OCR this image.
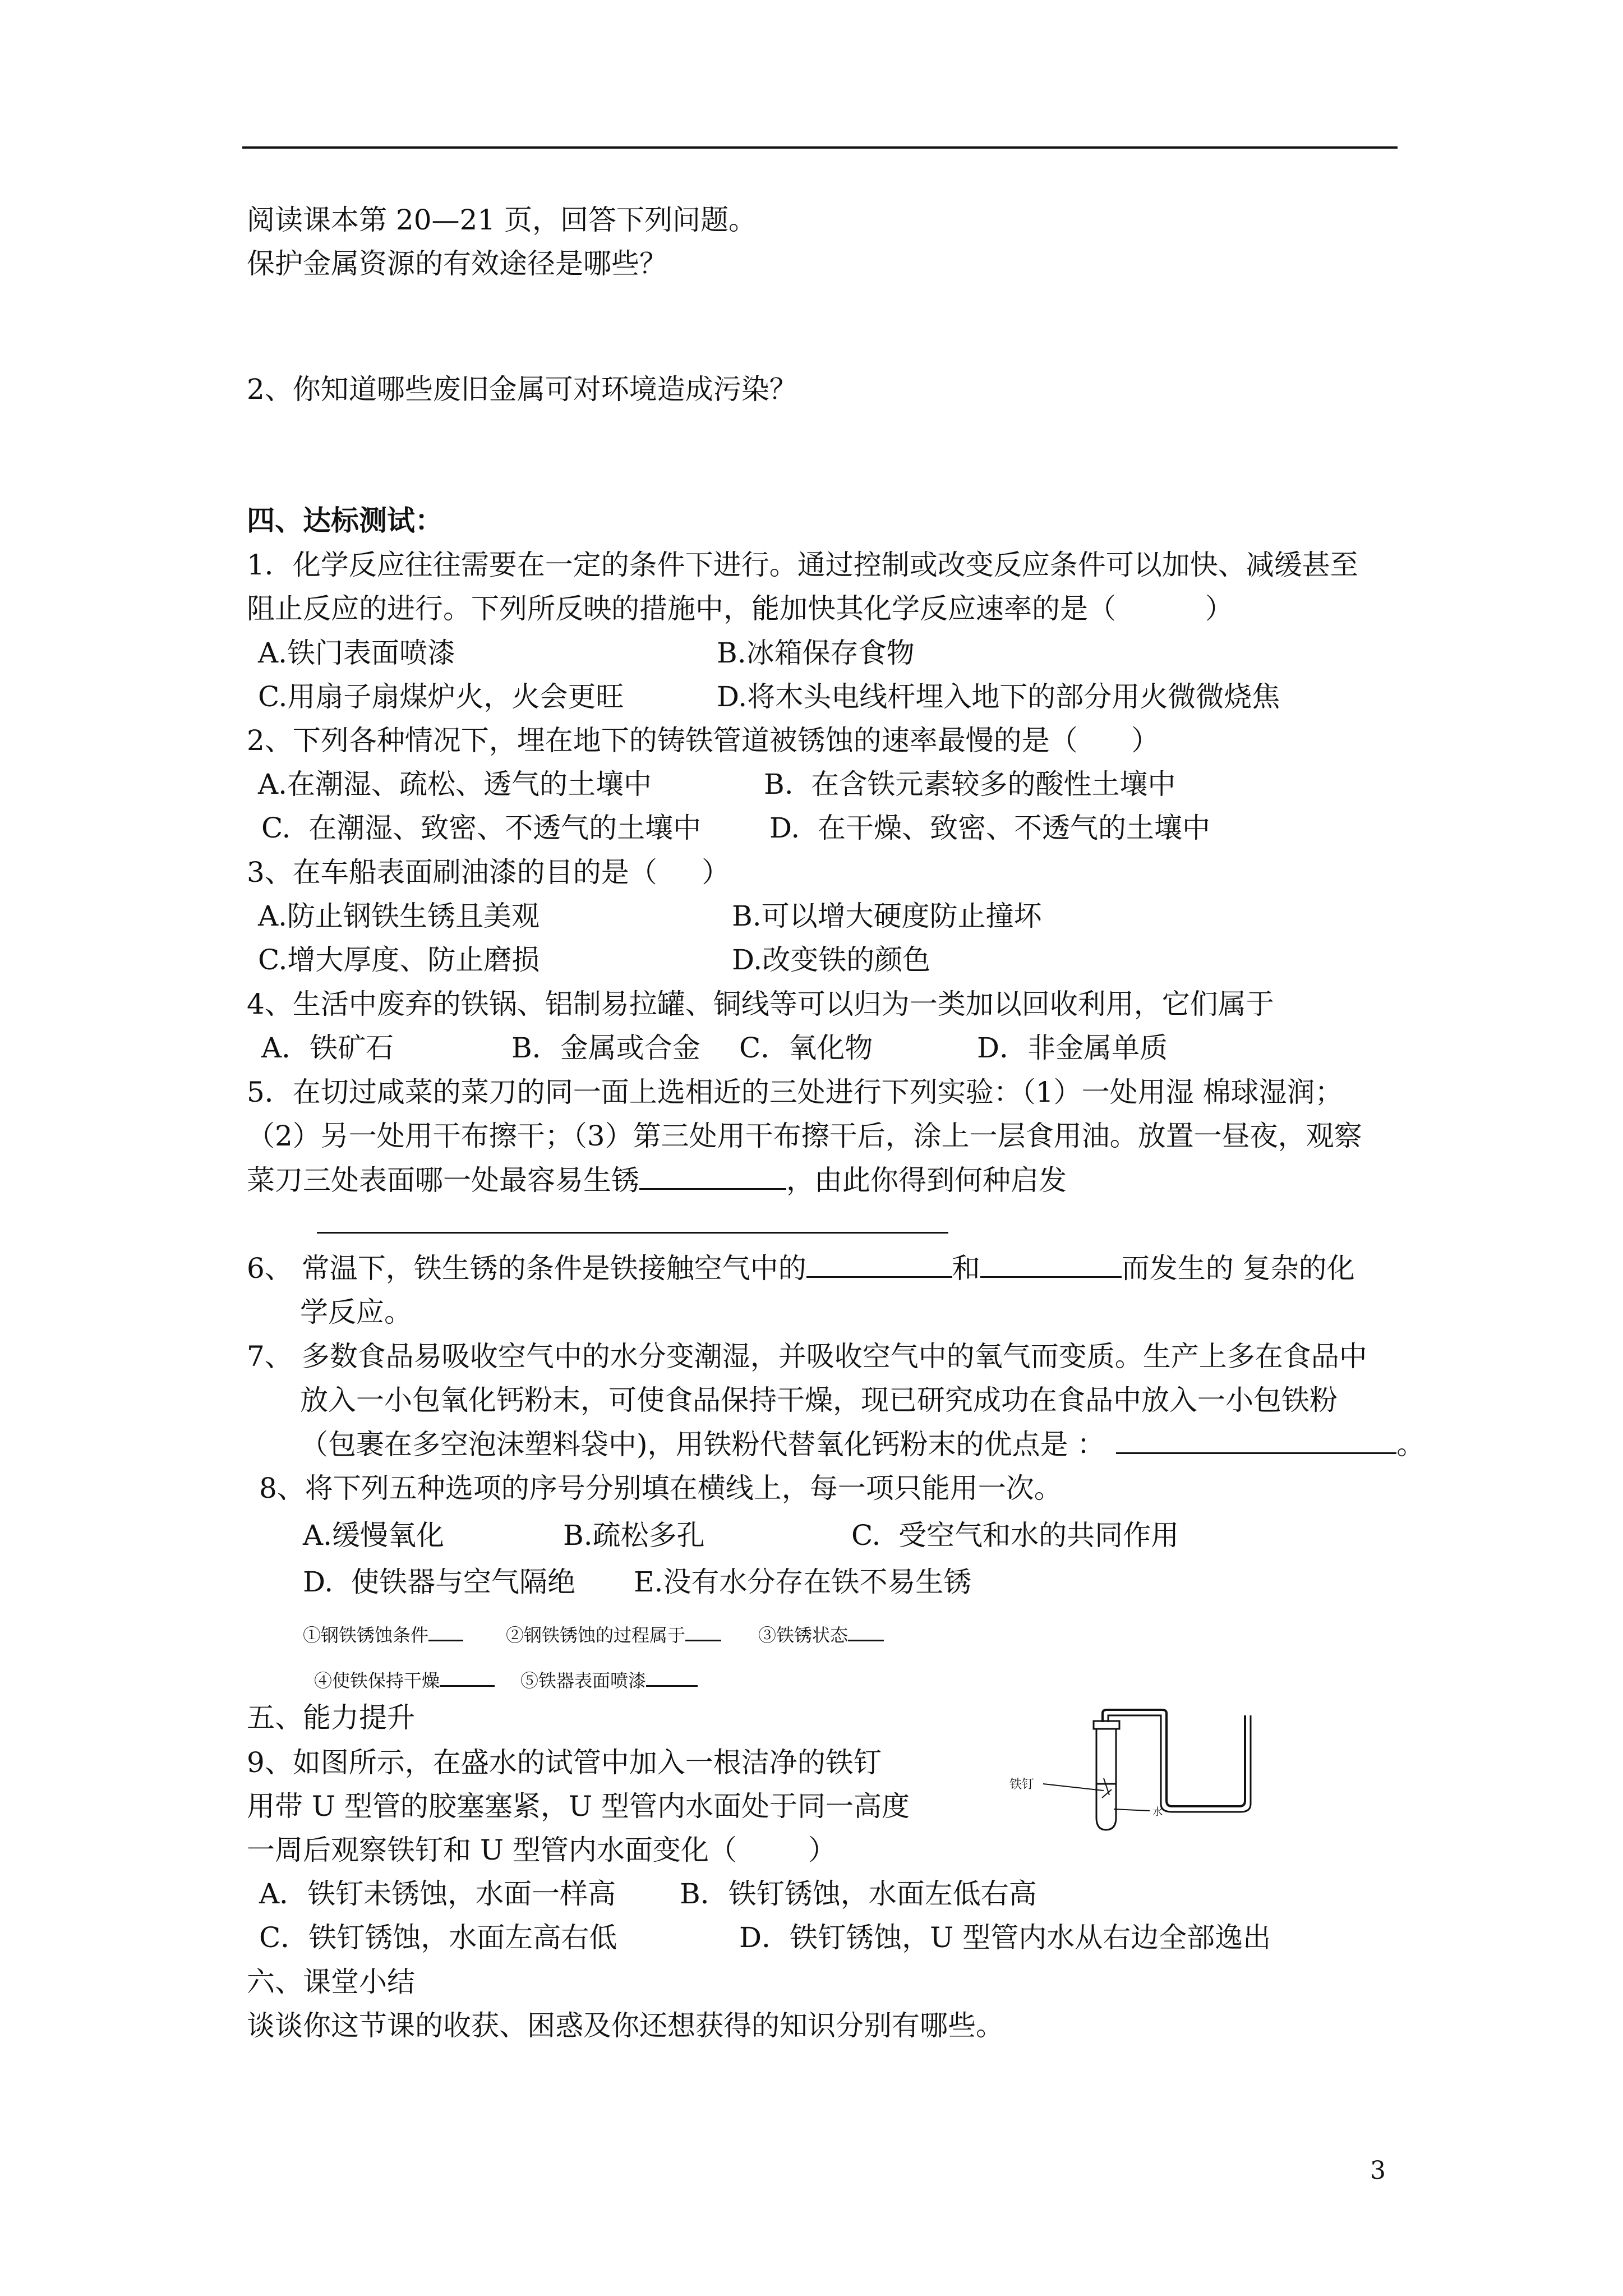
阅读课本第 20—21 页，回答下列问题。
保护金属资源的有效途径是哪些？
2、你知道哪些废旧金属可对环境造成污染？
四、达标测试：
1．化学反应往往需要在一定的条件下进行。通过控制或改变反应条件可以加快、减缓甚至
阻止反应的进行。下列所反映的措施中，能加快其化学反应速率的是（          ）
A.铁门表面喷漆	B.冰箱保存食物
C.用扇子扇煤炉火，火会更旺	D.将木头电线杆埋入地下的部分用火微微烧焦
2、下列各种情况下，埋在地下的铸铁管道被锈蚀的速率最慢的是（      ）
A.在潮湿、疏松、透气的土壤中	B.  在含铁元素较多的酸性土壤中
C.  在潮湿、致密、不透气的土壤中 D.  在干燥、致密、不透气的土壤中
3、在车船表面刷油漆的目的是（     ）
A.防止钢铁生锈且美观	B.可以增大硬度防止撞坏
C.增大厚度、防止磨损	D.改变铁的颜色
4、生活中废弃的铁锅、铝制易拉罐、铜线等可以归为一类加以回收利用，它们属于
A．铁矿石	B．金属或合金 C．氧化物	D．非金属单质
5．在切过咸菜的菜刀的同一面上选相近的三处进行下列实验：（1）一处用湿 棉球湿润；
（2）另一处用干布擦干；（3）第三处用干布擦干后，涂上一层食用油。放置一昼夜，观察
菜刀三处表面哪一处最容易生锈	，由此你得到何种启发
6、 常温下，铁生锈的条件是铁接触空气中的	和	而发生的 复杂的化
学反应。
7、 多数食品易吸收空气中的水分变潮湿，并吸收空气中的氧气而变质。生产上多在食品中
放入一小包氧化钙粉末，可使食品保持干燥，现已研究成功在食品中放入一小包铁粉
（包裹在多空泡沫塑料袋中)，用铁粉代替氧化钙粉末的优点是 ：	。
8、将下列五种选项的序号分别填在横线上，每一项只能用一次。
A.缓慢氧化	B.疏松多孔	C.  受空气和水的共同作用
D.  使铁器与空气隔绝 E.没有水分存在铁不易生锈
①钢铁锈蚀条件	②钢铁锈蚀的过程属于	③铁锈状态
④使铁保持干燥	⑤铁器表面喷漆
五、能力提升
9、如图所示，在盛水的试管中加入一根洁净的铁钉
用带 U 型管的胶塞塞紧，U 型管内水面处于同一高度
一周后观察铁钉和 U 型管内水面变化（        ）
A．铁钉未锈蚀，水面一样高 B．铁钉锈蚀，水面左低右高
C．铁钉锈蚀，水面左高右低	D．铁钉锈蚀，U 型管内水从右边全部逸出
铁钉
水
六、课堂小结
谈谈你这节课的收获、困惑及你还想获得的知识分别有哪些。
3
